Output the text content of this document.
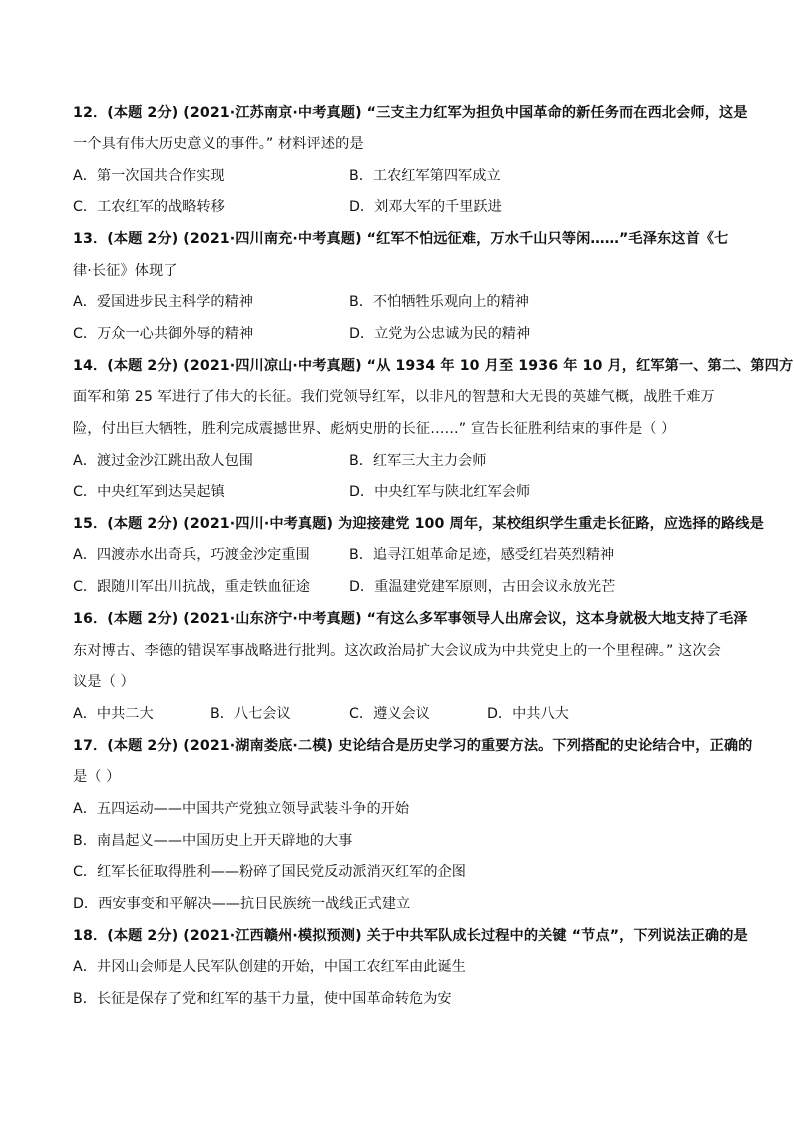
12．(本题 2分) (2021·江苏南京·中考真题) “三支主力红军为担负中国革命的新任务而在西北会师，这是
一个具有伟大历史意义的事件。” 材料评述的是
A．第一次国共合作实现	B．工农红军第四军成立
C．工农红军的战略转移	D．刘邓大军的千里跃进
13．(本题 2分) (2021·四川南充·中考真题) “红军不怕远征难，万水千山只等闲……”毛泽东这首《七
律·长征》体现了
A．爱国进步民主科学的精神	B．不怕牺牲乐观向上的精神
C．万众一心共御外辱的精神	D．立党为公忠诚为民的精神
14．(本题 2分) (2021·四川凉山·中考真题) “从 1934 年 10 月至 1936 年 10 月，红军第一、第二、第四方
面军和第 25 军进行了伟大的长征。我们党领导红军，以非凡的智慧和大无畏的英雄气概，战胜千难万
险，付出巨大牺牲，胜利完成震撼世界、彪炳史册的长征……” 宣告长征胜利结束的事件是（ ）
A．渡过金沙江跳出敌人包围	B．红军三大主力会师
C．中央红军到达吴起镇	D．中央红军与陕北红军会师
15．(本题 2分) (2021·四川·中考真题) 为迎接建党 100 周年，某校组织学生重走长征路，应选择的路线是
A．四渡赤水出奇兵，巧渡金沙定重围	B．追寻江姐革命足迹，感受红岩英烈精神
C．跟随川军出川抗战，重走铁血征途	D．重温建党建军原则，古田会议永放光芒
16．(本题 2分) (2021·山东济宁·中考真题) “有这么多军事领导人出席会议，这本身就极大地支持了毛泽
东对博古、李德的错误军事战略进行批判。这次政治局扩大会议成为中共党史上的一个里程碑。” 这次会
议是（ ）
A．中共二大	B．八七会议	C．遵义会议	D．中共八大
17．(本题 2分) (2021·湖南娄底·二模) 史论结合是历史学习的重要方法。下列搭配的史论结合中，正确的
是（ ）
A．五四运动——中国共产党独立领导武装斗争的开始
B．南昌起义——中国历史上开天辟地的大事
C．红军长征取得胜利——粉碎了国民党反动派消灭红军的企图
D．西安事变和平解决——抗日民族统一战线正式建立
18．(本题 2分) (2021·江西赣州·模拟预测) 关于中共军队成长过程中的关键 “节点”，下列说法正确的是
A．井冈山会师是人民军队创建的开始，中国工农红军由此诞生
B．长征是保存了党和红军的基干力量，使中国革命转危为安
